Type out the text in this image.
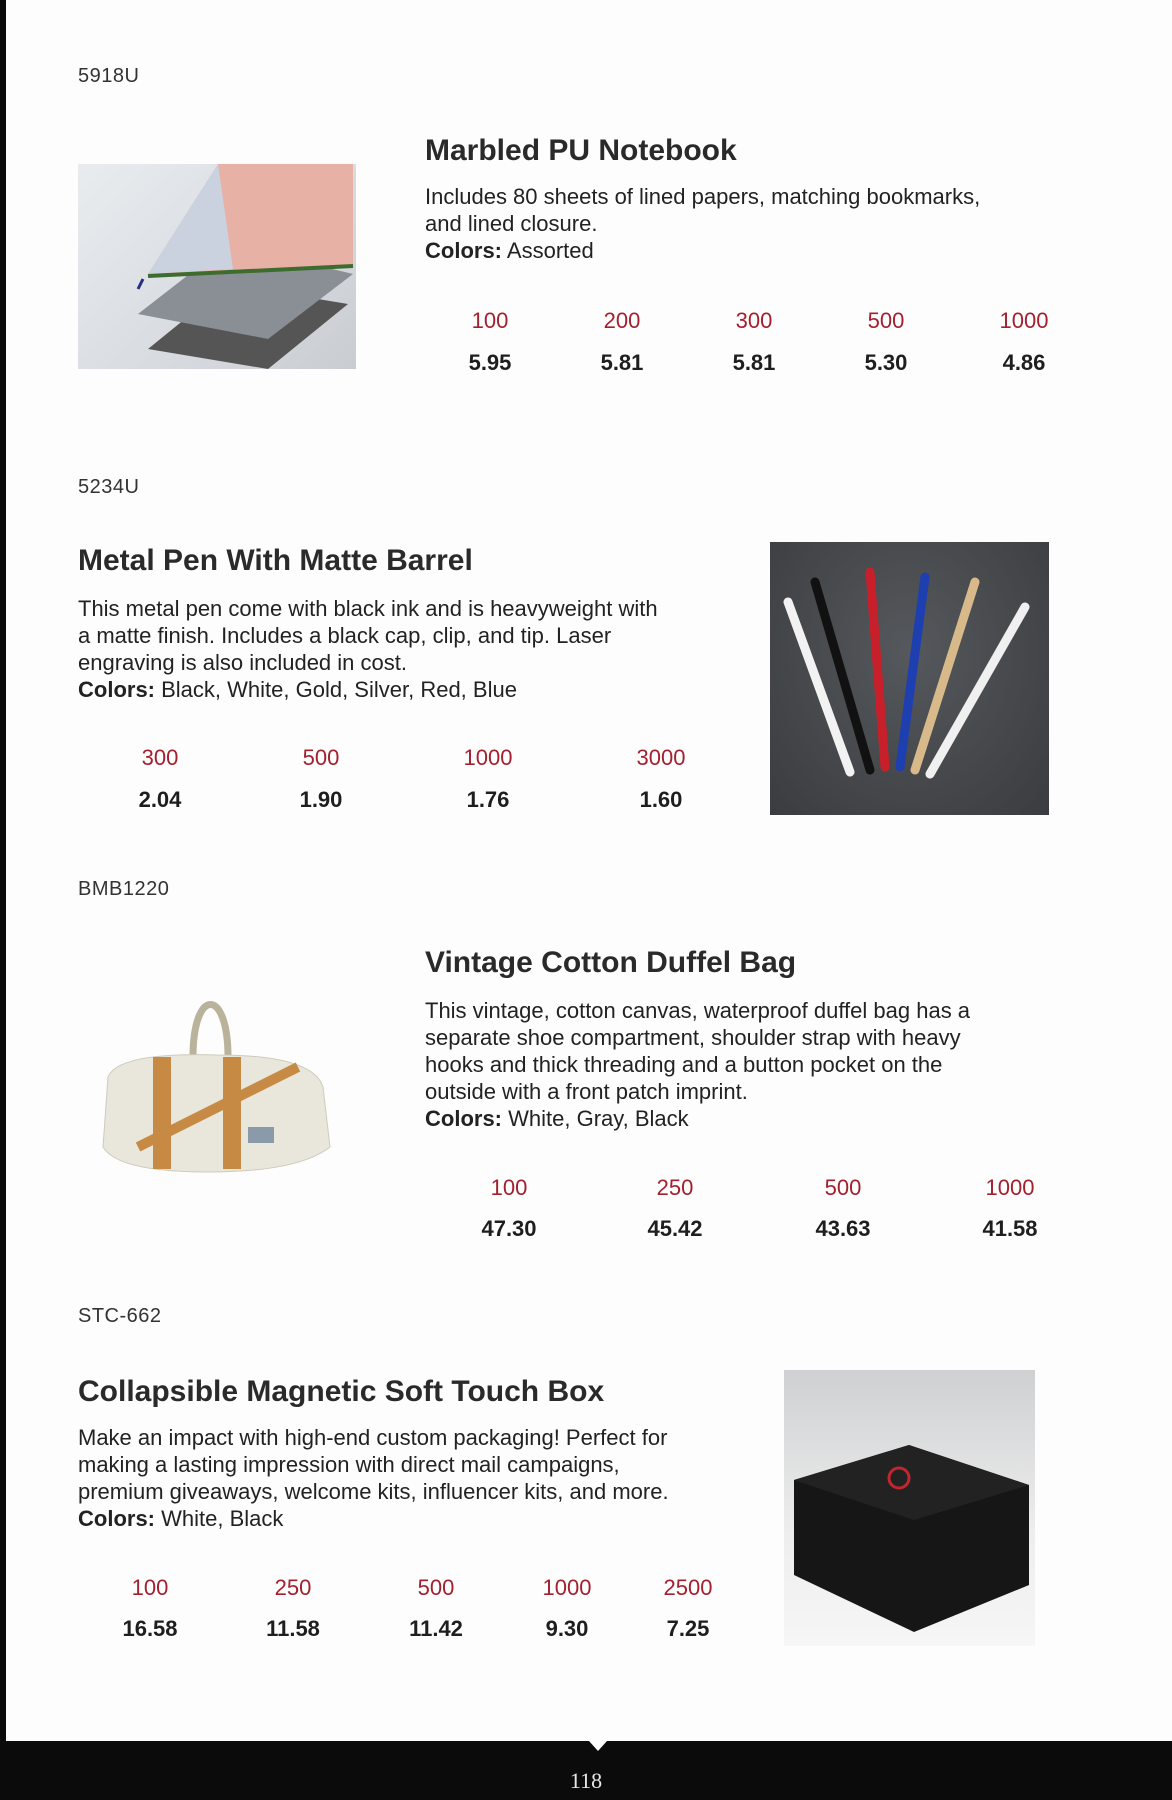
5918U
Marbled PU Notebook
Includes 80 sheets of lined papers, matching bookmarks,
and lined closure.
Colors: Assorted
100
5.95
200
5.81
300
5.81
500
5.30
1000
4.86
5234U
Metal Pen With Matte Barrel
This metal pen come with black ink and is heavyweight with
a matte finish. Includes a black cap, clip, and tip. Laser
engraving is also included in cost.
Colors: Black, White, Gold, Silver, Red, Blue
300
2.04
500
1.90
1000
1.76
3000
1.60
BMB1220
Vintage Cotton Duffel Bag
This vintage, cotton canvas, waterproof duffel bag has a
separate shoe compartment, shoulder strap with heavy
hooks and thick threading and a button pocket on the
outside with a front patch imprint.
Colors: White, Gray, Black
100
47.30
250
45.42
500
43.63
1000
41.58
STC-662
Collapsible Magnetic Soft Touch Box
Make an impact with high-end custom packaging! Perfect for
making a lasting impression with direct mail campaigns,
premium giveaways, welcome kits, influencer kits, and more.
Colors: White, Black
100
16.58
250
11.58
500
11.42
1000
9.30
2500
7.25
118
